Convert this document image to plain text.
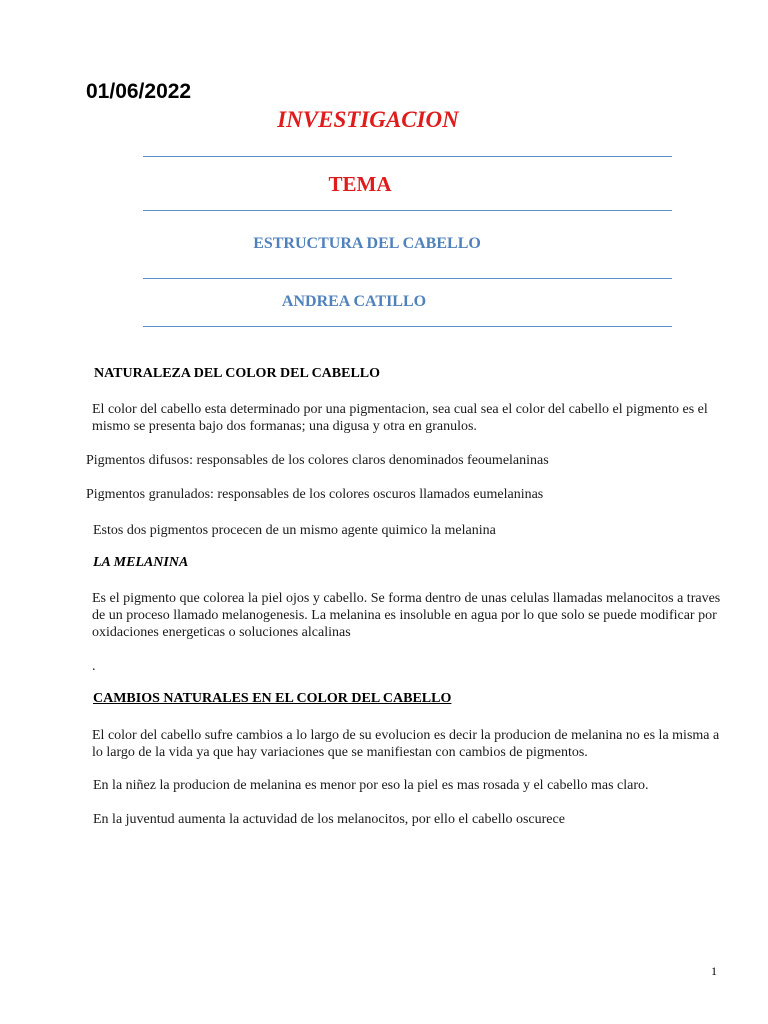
01/06/2022
INVESTIGACION
TEMA
ESTRUCTURA DEL CABELLO
ANDREA CATILLO
NATURALEZA DEL COLOR DEL CABELLO
El color del cabello esta determinado por una pigmentacion, sea cual sea el color del cabello el pigmento es el mismo se presenta bajo dos formanas; una digusa y otra en granulos.
Pigmentos difusos: responsables de los colores claros denominados feoumelaninas
Pigmentos granulados: responsables de los colores oscuros llamados eumelaninas
Estos dos pigmentos procecen de un mismo agente quimico la melanina
LA MELANINA
Es el pigmento que colorea la piel ojos y cabello. Se forma dentro de unas celulas llamadas melanocitos a traves de un proceso llamado melanogenesis. La melanina es insoluble en agua por lo que solo se puede modificar por oxidaciones energeticas o soluciones alcalinas
.
CAMBIOS NATURALES EN EL COLOR DEL CABELLO
El color del cabello sufre cambios a lo largo de su evolucion es decir la producion de melanina no es la misma a lo largo de la vida ya que hay variaciones que se manifiestan con cambios de pigmentos.
En la niñez la producion de melanina es menor por eso la piel es mas rosada y el cabello mas claro.
En la juventud aumenta la actuvidad de los melanocitos, por ello el cabello oscurece
1
